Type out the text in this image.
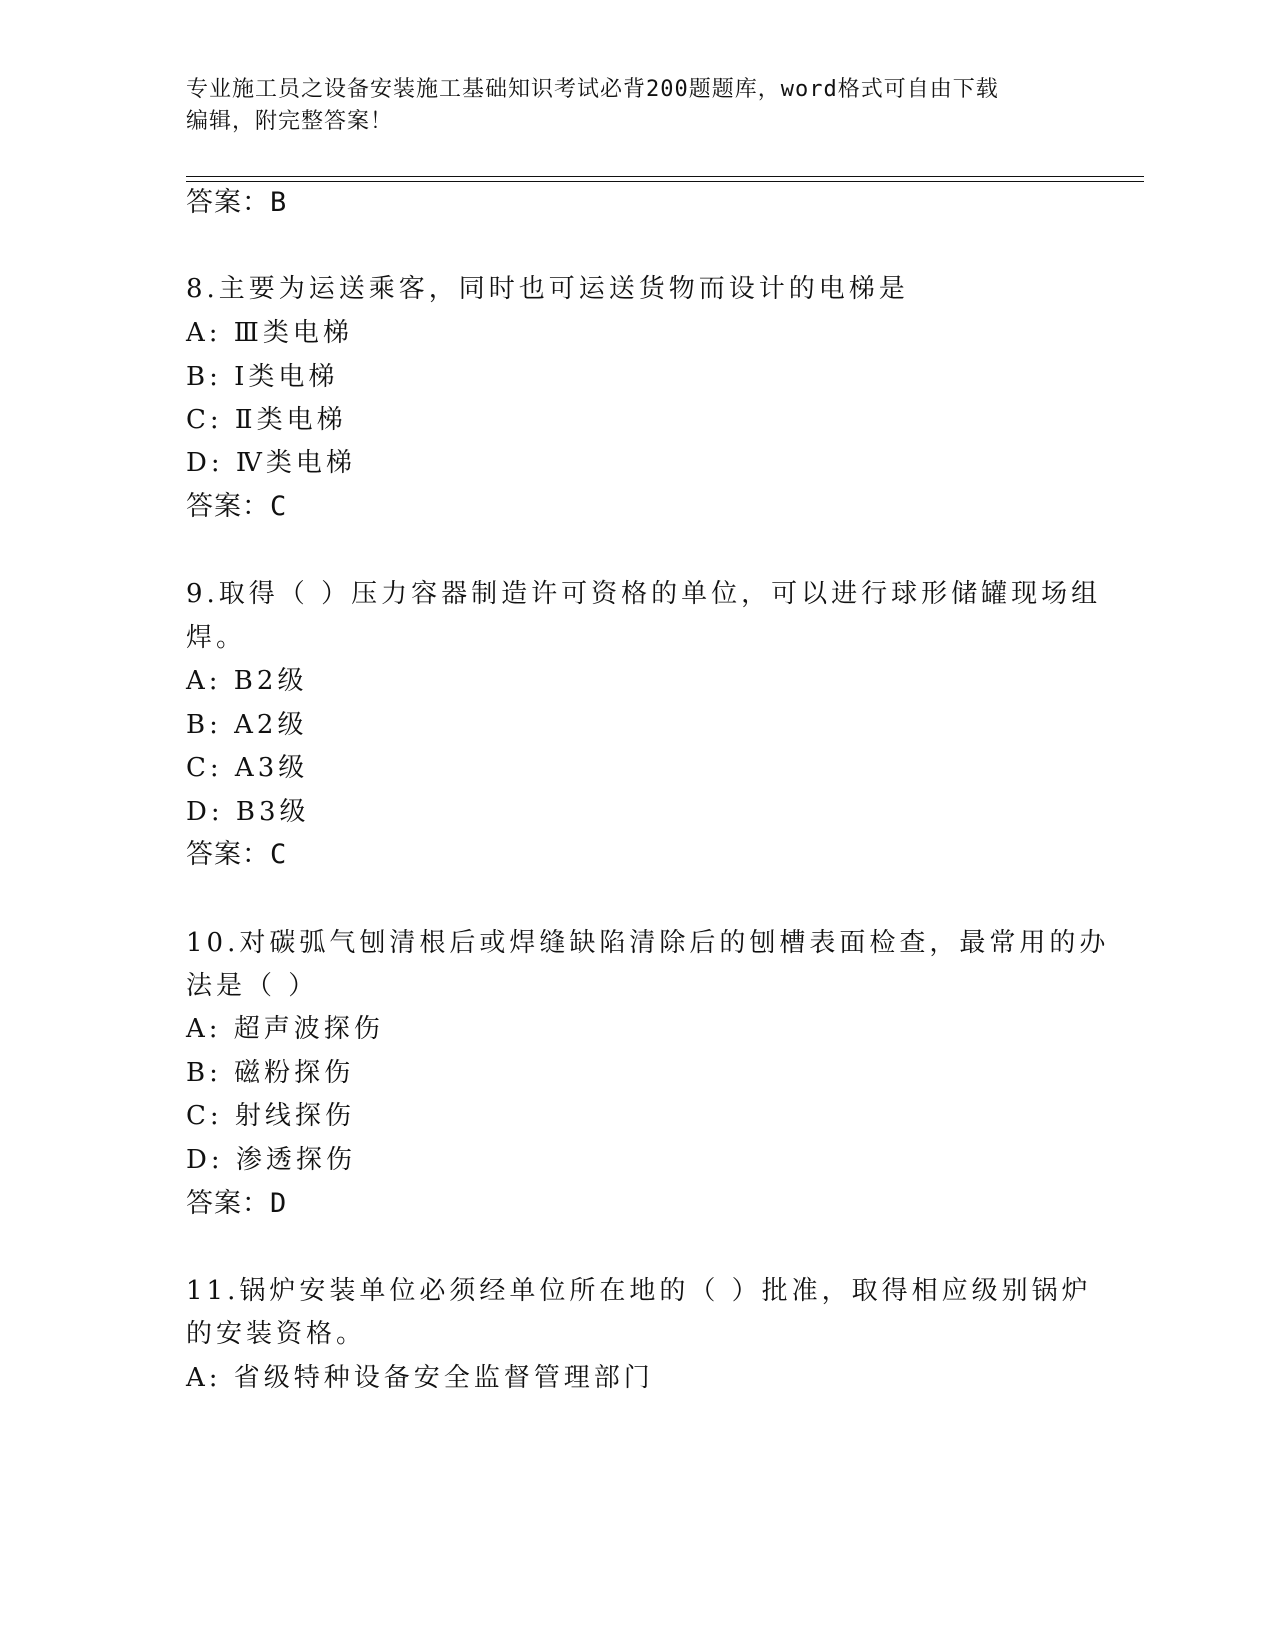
专业施工员之设备安装施工基础知识考试必背200题题库，word格式可自由下载
编辑，附完整答案！
答案：B
8.主要为运送乘客，同时也可运送货物而设计的电梯是
A: Ⅲ类电梯
B: Ⅰ类电梯
C: Ⅱ类电梯
D: Ⅳ类电梯
答案：C
9.取得（ ）压力容器制造许可资格的单位，可以进行球形储罐现场组
焊。
A: B2级
B: A2级
C: A3级
D: B3级
答案：C
10.对碳弧气刨清根后或焊缝缺陷清除后的刨槽表面检查，最常用的办
法是（ ）
A: 超声波探伤
B: 磁粉探伤
C: 射线探伤
D: 渗透探伤
答案：D
11.锅炉安装单位必须经单位所在地的（ ）批准，取得相应级别锅炉
的安装资格。
A: 省级特种设备安全监督管理部门
